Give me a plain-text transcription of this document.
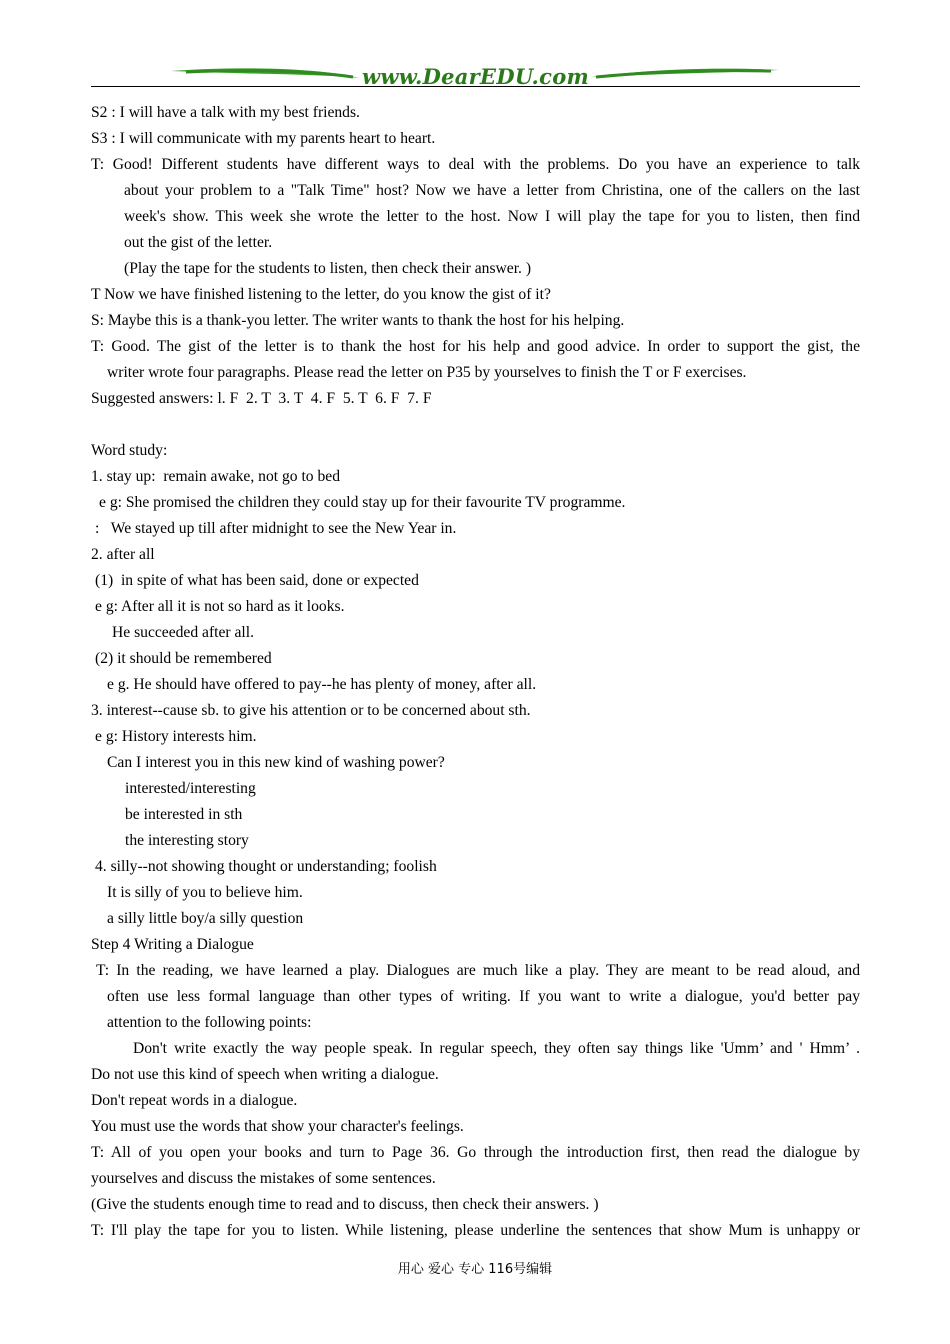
www.DearEDU.com
S2 : I will have a talk with my best friends.
S3 : I will communicate with my parents heart to heart.
T: Good! Different students have different ways to deal with the problems. Do you have an experience to talk
about your problem to a "Talk Time" host? Now we have a letter from Christina, one of the callers on the last
week's show. This week she wrote the letter to the host. Now I will play the tape for you to listen, then find
out the gist of the letter.
(Play the tape for the students to listen, then check their answer. )
T Now we have finished listening to the letter, do you know the gist of it?
S: Maybe this is a thank-you letter. The writer wants to thank the host for his helping.
T: Good. The gist of the letter is to thank the host for his help and good advice. In order to support the gist, the
writer wrote four paragraphs. Please read the letter on P35 by yourselves to finish the T or F exercises.
Suggested answers: l. F  2. T  3. T  4. F  5. T  6. F  7. F
Word study:
1. stay up:  remain awake, not go to bed
e g: She promised the children they could stay up for their favourite TV programme.
:   We stayed up till after midnight to see the New Year in.
2. after all
(1)  in spite of what has been said, done or expected
e g: After all it is not so hard as it looks.
He succeeded after all.
(2) it should be remembered
e g. He should have offered to pay--he has plenty of money, after all.
3. interest--cause sb. to give his attention or to be concerned about sth.
e g: History interests him.
Can I interest you in this new kind of washing power?
interested/interesting
be interested in sth
the interesting story
4. silly--not showing thought or understanding; foolish
It is silly of you to believe him.
a silly little boy/a silly question
Step 4 Writing a Dialogue
T: In the reading, we have learned a play. Dialogues are much like a play. They are meant to be read aloud, and
often use less formal language than other types of writing. If you want to write a dialogue, you'd better pay
attention to the following points:
Don't write exactly the way people speak. In regular speech, they often say things like 'Umm’ and ' Hmm’ .
Do not use this kind of speech when writing a dialogue.
Don't repeat words in a dialogue.
You must use the words that show your character's feelings.
T: All of you open your books and turn to Page 36. Go through the introduction first, then read the dialogue by
yourselves and discuss the mistakes of some sentences.
(Give the students enough time to read and to discuss, then check their answers. )
T: I'll play the tape for you to listen. While listening, please underline the sentences that show Mum is unhappy or
用心 爱心 专心 116号编辑
